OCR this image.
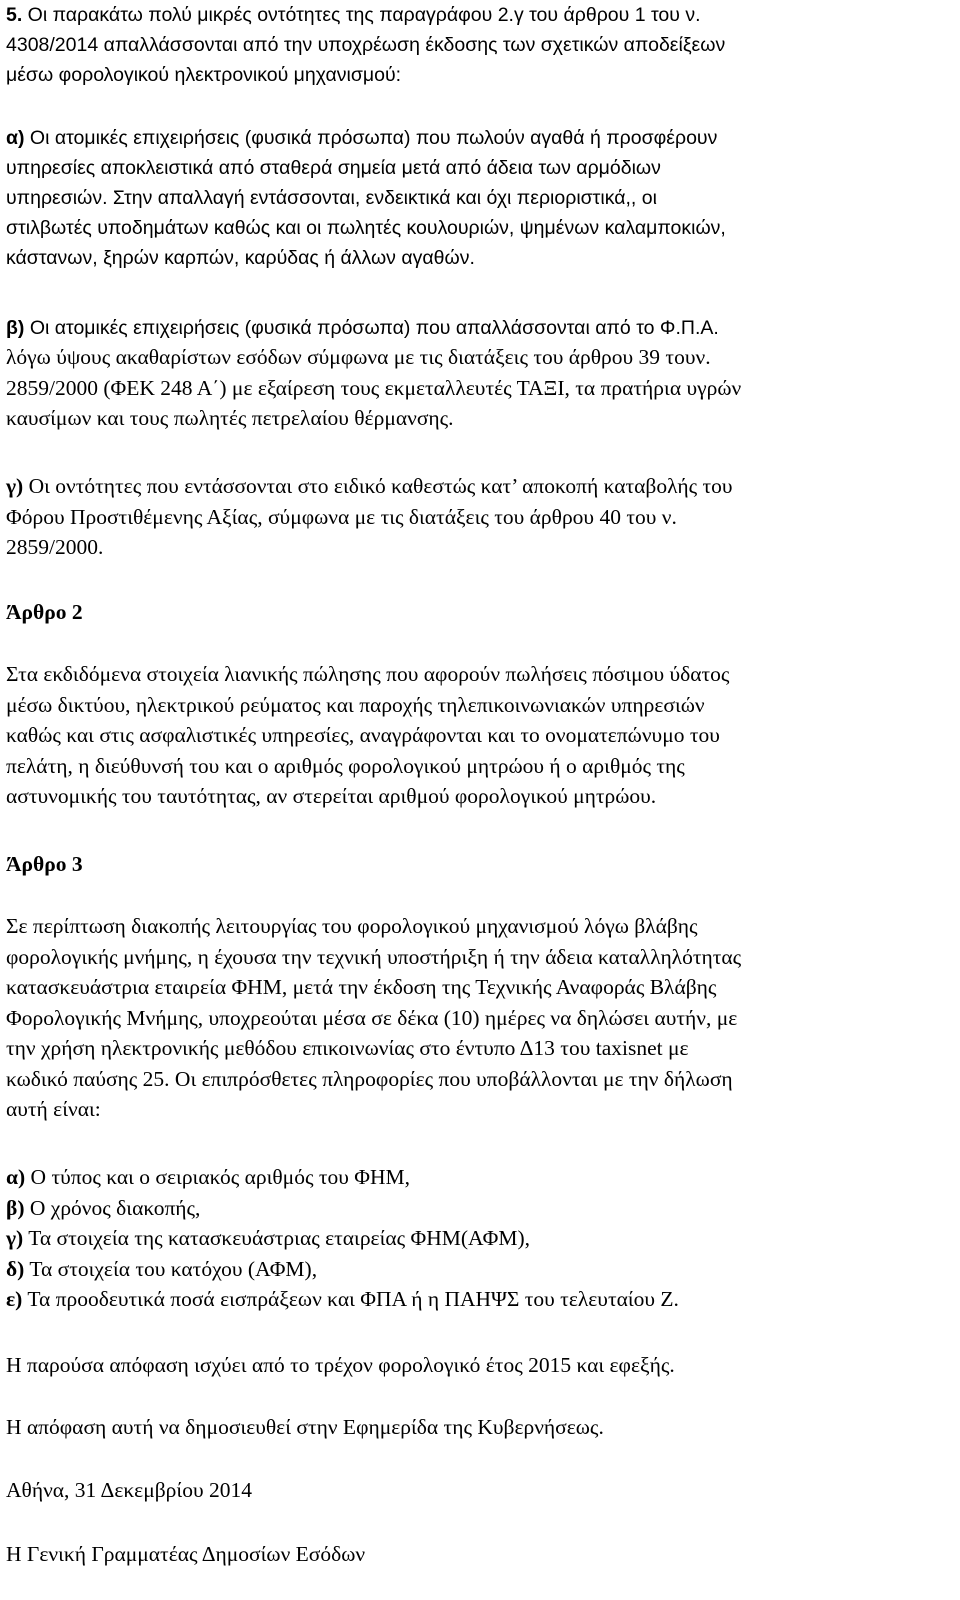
5. Οι παρακάτω πολύ μικρές οντότητες της παραγράφου 2.γ του άρθρου 1 του ν.
4308/2014 απαλλάσσονται από την υποχρέωση έκδοσης των σχετικών αποδείξεων
μέσω φορολογικού ηλεκτρονικού μηχανισμού:
α) Οι ατομικές επιχειρήσεις (φυσικά πρόσωπα) που πωλούν αγαθά ή προσφέρουν
υπηρεσίες αποκλειστικά από σταθερά σημεία μετά από άδεια των αρμόδιων
υπηρεσιών. Στην απαλλαγή εντάσσονται, ενδεικτικά και όχι περιοριστικά,, οι
στιλβωτές υποδημάτων καθώς και οι πωλητές κουλουριών, ψημένων καλαμποκιών,
κάστανων, ξηρών καρπών, καρύδας ή άλλων αγαθών.
β) Οι ατομικές επιχειρήσεις (φυσικά πρόσωπα) που απαλλάσσονται από το Φ.Π.Α.
λόγω ύψους ακαθαρίστων εσόδων σύμφωνα με τις διατάξεις του άρθρου 39 τουν.
2859/2000 (ΦΕΚ 248 Α΄) με εξαίρεση τους εκμεταλλευτές ΤΑΞΙ, τα πρατήρια υγρών
καυσίμων και τους πωλητές πετρελαίου θέρμανσης.
γ) Οι οντότητες που εντάσσονται στο ειδικό καθεστώς κατ’ αποκοπή καταβολής του
Φόρου Προστιθέμενης Αξίας, σύμφωνα με τις διατάξεις του άρθρου 40 του ν.
2859/2000.
Άρθρο 2
Στα εκδιδόμενα στοιχεία λιανικής πώλησης που αφορούν πωλήσεις πόσιμου ύδατος
μέσω δικτύου, ηλεκτρικού ρεύματος και παροχής τηλεπικοινωνιακών υπηρεσιών
καθώς και στις ασφαλιστικές υπηρεσίες, αναγράφονται και το ονοματεπώνυμο του
πελάτη, η διεύθυνσή του και ο αριθμός φορολογικού μητρώου ή ο αριθμός της
αστυνομικής του ταυτότητας, αν στερείται αριθμού φορολογικού μητρώου.
Άρθρο 3
Σε περίπτωση διακοπής λειτουργίας του φορολογικού μηχανισμού λόγω βλάβης
φορολογικής μνήμης, η έχουσα την τεχνική υποστήριξη ή την άδεια καταλληλότητας
κατασκευάστρια εταιρεία ΦΗΜ, μετά την έκδοση της Τεχνικής Αναφοράς Βλάβης
Φορολογικής Μνήμης, υποχρεούται μέσα σε δέκα (10) ημέρες να δηλώσει αυτήν, με
την χρήση ηλεκτρονικής μεθόδου επικοινωνίας στο έντυπο Δ13 του taxisnet με
κωδικό παύσης 25. Οι επιπρόσθετες πληροφορίες που υποβάλλονται με την δήλωση
αυτή είναι:
α) Ο τύπος και ο σειριακός αριθμός του ΦΗΜ,
β) Ο χρόνος διακοπής,
γ) Τα στοιχεία της κατασκευάστριας εταιρείας ΦΗΜ(ΑΦΜ),
δ) Τα στοιχεία του κατόχου (ΑΦΜ),
ε) Τα προοδευτικά ποσά εισπράξεων και ΦΠΑ ή η ΠΑΗΨΣ του τελευταίου Ζ.
Η παρούσα απόφαση ισχύει από το τρέχον φορολογικό έτος 2015 και εφεξής.
Η απόφαση αυτή να δημοσιευθεί στην Εφημερίδα της Κυβερνήσεως.
Αθήνα, 31 Δεκεμβρίου 2014
Η Γενική Γραμματέας Δημοσίων Εσόδων
